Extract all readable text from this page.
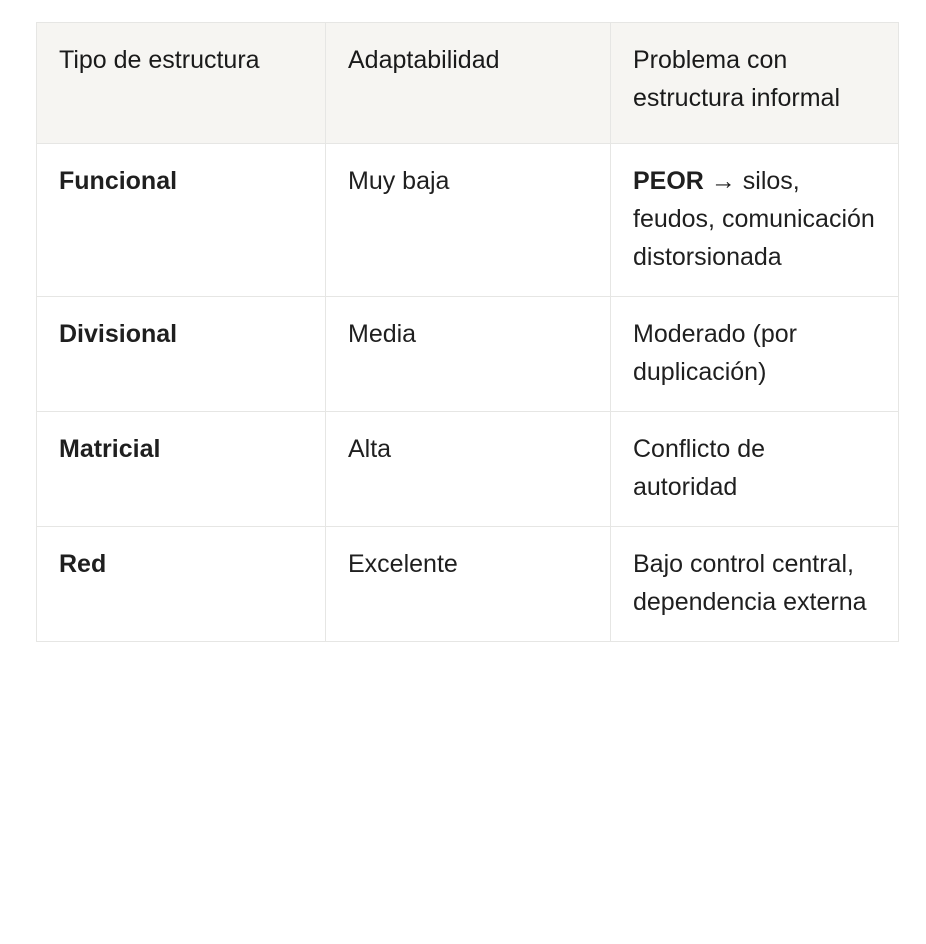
Tipo de estructura	Adaptabilidad	Problema con estructura informal
Funcional	Muy baja	PEOR → silos, feudos, comunicación distorsionada
Divisional	Media	Moderado (por duplicación)
Matricial	Alta	Conflicto de autoridad
Red	Excelente	Bajo control central, dependencia externa
